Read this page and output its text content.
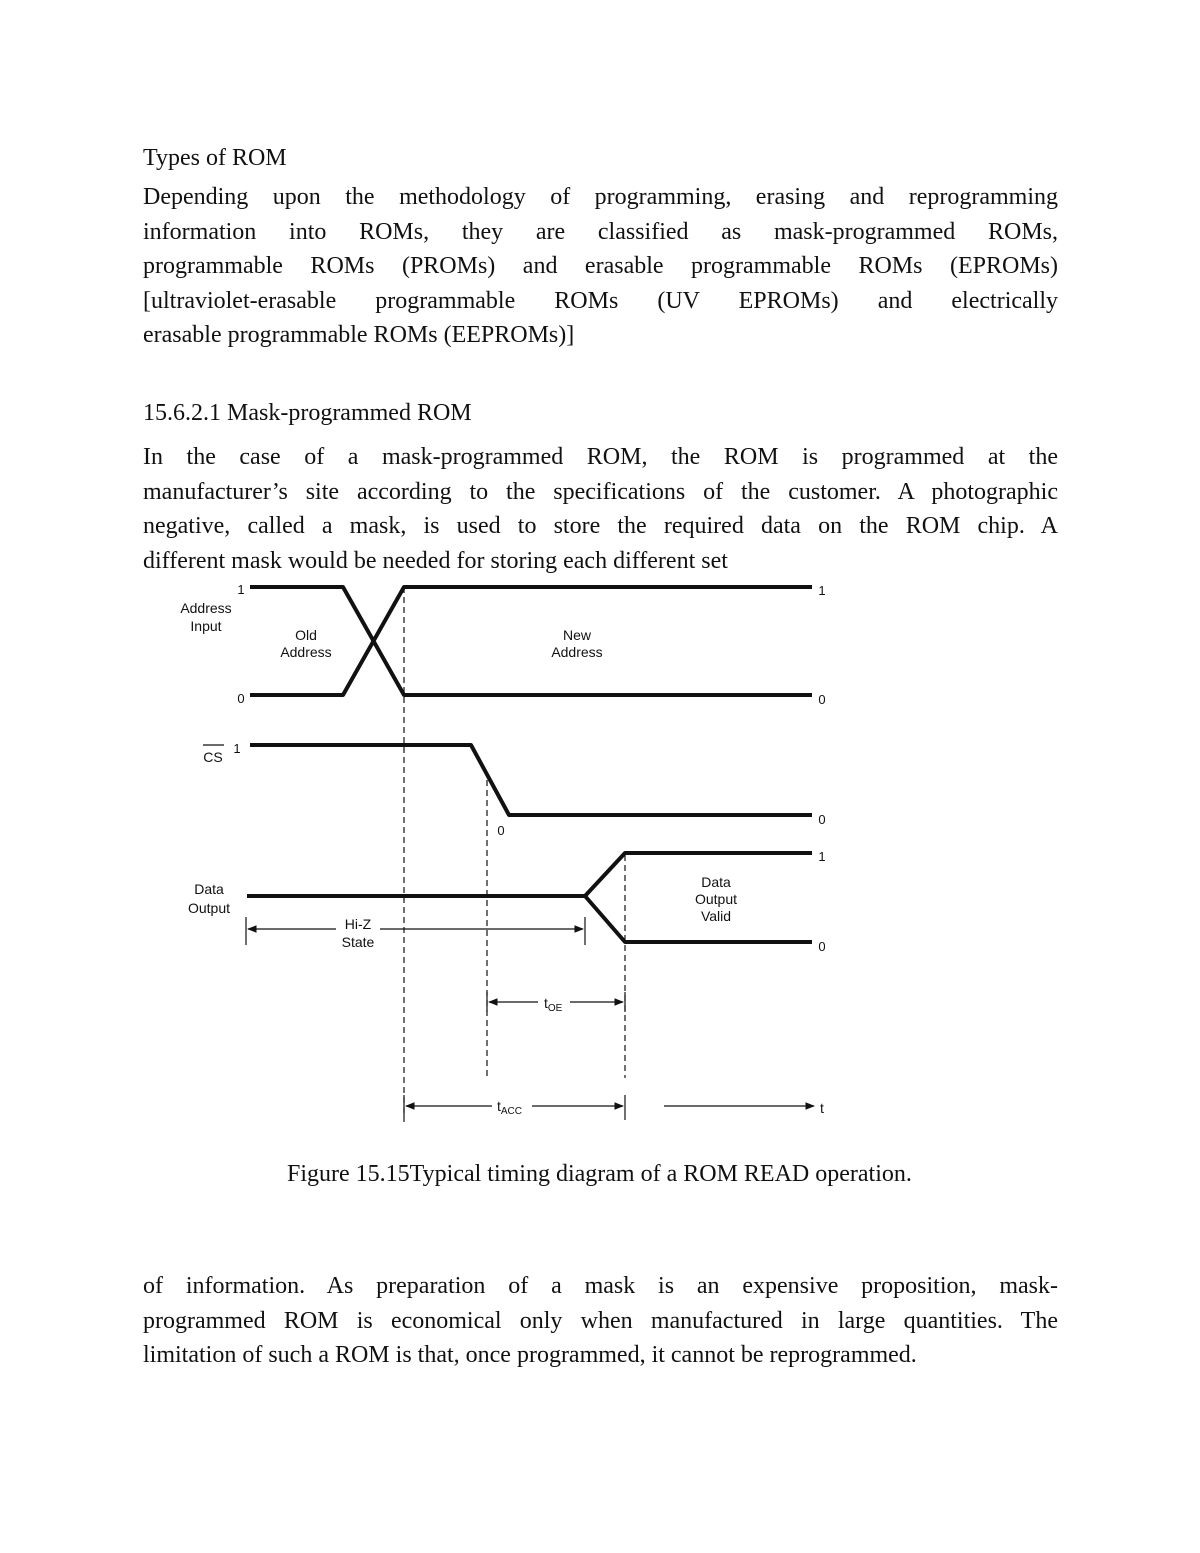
Types of ROM
Depending upon the methodology of programming, erasing and reprogramming
information into ROMs, they are classified as mask-programmed ROMs,
programmable ROMs (PROMs) and erasable programmable ROMs (EPROMs)
[ultraviolet-erasable programmable ROMs (UV EPROMs) and electrically
erasable programmable ROMs (EEPROMs)]
15.6.2.1 Mask-programmed ROM
In the case of a mask-programmed ROM, the ROM is programmed at the
manufacturer’s site according to the specifications of the customer. A photographic
negative, called a mask, is used to store the required data on the ROM chip. A
different mask would be needed for storing each different set
Address
Input
1
0
1
0
Old
Address
New
Address
CS
1
0
0
Data
Output
1
0
Data
Output
Valid
Hi-Z
State
$t_{OE}$
$t_{ACC}$	t
Figure 15.15Typical timing diagram of a ROM READ operation.
of information. As preparation of a mask is an expensive proposition, mask-
programmed ROM is economical only when manufactured in large quantities. The
limitation of such a ROM is that, once programmed, it cannot be reprogrammed.
